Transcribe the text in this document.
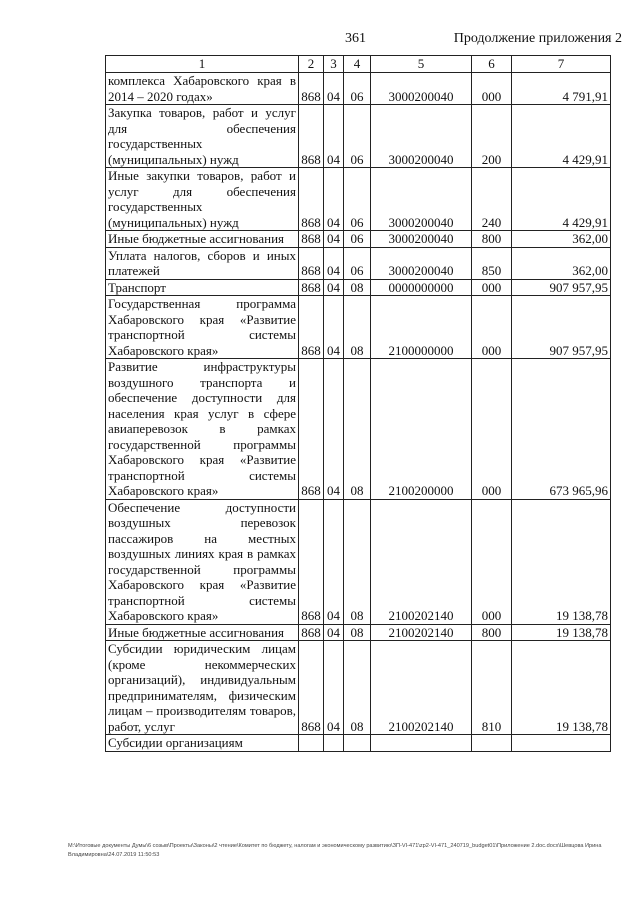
361	Продолжение приложения 2
1	2	3	4	5	6	7
комплекса Хабаровского края в 2014 – 2020 годах»	868	04	06	3000200040	000	4 791,91
Закупка товаров, работ и услуг для обеспечения государственных (муниципальных) нужд	868	04	06	3000200040	200	4 429,91
Иные закупки товаров, работ и услуг для обеспечения государственных (муниципальных) нужд	868	04	06	3000200040	240	4 429,91
Иные бюджетные ассигнования	868	04	06	3000200040	800	362,00
Уплата налогов, сборов и иных платежей	868	04	06	3000200040	850	362,00
Транспорт	868	04	08	0000000000	000	907 957,95
Государственная программа Хабаровского края «Развитие транспортной системы Хабаровского края»	868	04	08	2100000000	000	907 957,95
Развитие инфраструктуры воздушного транспорта и обеспечение доступности для населения края услуг в сфере авиаперевозок в рамках государственной программы Хабаровского края «Развитие транспортной системы Хабаровского края»	868	04	08	2100200000	000	673 965,96
Обеспечение доступности воздушных перевозок пассажиров на местных воздушных линиях края в рамках государственной программы Хабаровского края «Развитие транспортной системы Хабаровского края»	868	04	08	2100202140	000	19 138,78
Иные бюджетные ассигнования	868	04	08	2100202140	800	19 138,78
Субсидии юридическим лицам (кроме некоммерческих организаций), индивидуальным предпринимателям, физическим лицам – производителям товаров, работ, услуг	868	04	08	2100202140	810	19 138,78
Субсидии организациям						
М:\Итоговые документы Думы\6 созыв\Проекты\Законы\2 чтение\Комитет по бюджету, налогам и экономическому развитию\ЗП-VI-471\zp2-VI-471_240719_budget01\Приложение 2.doc.docx\Шевцова Ирина Владимировна\24.07.2019 11:50:53
